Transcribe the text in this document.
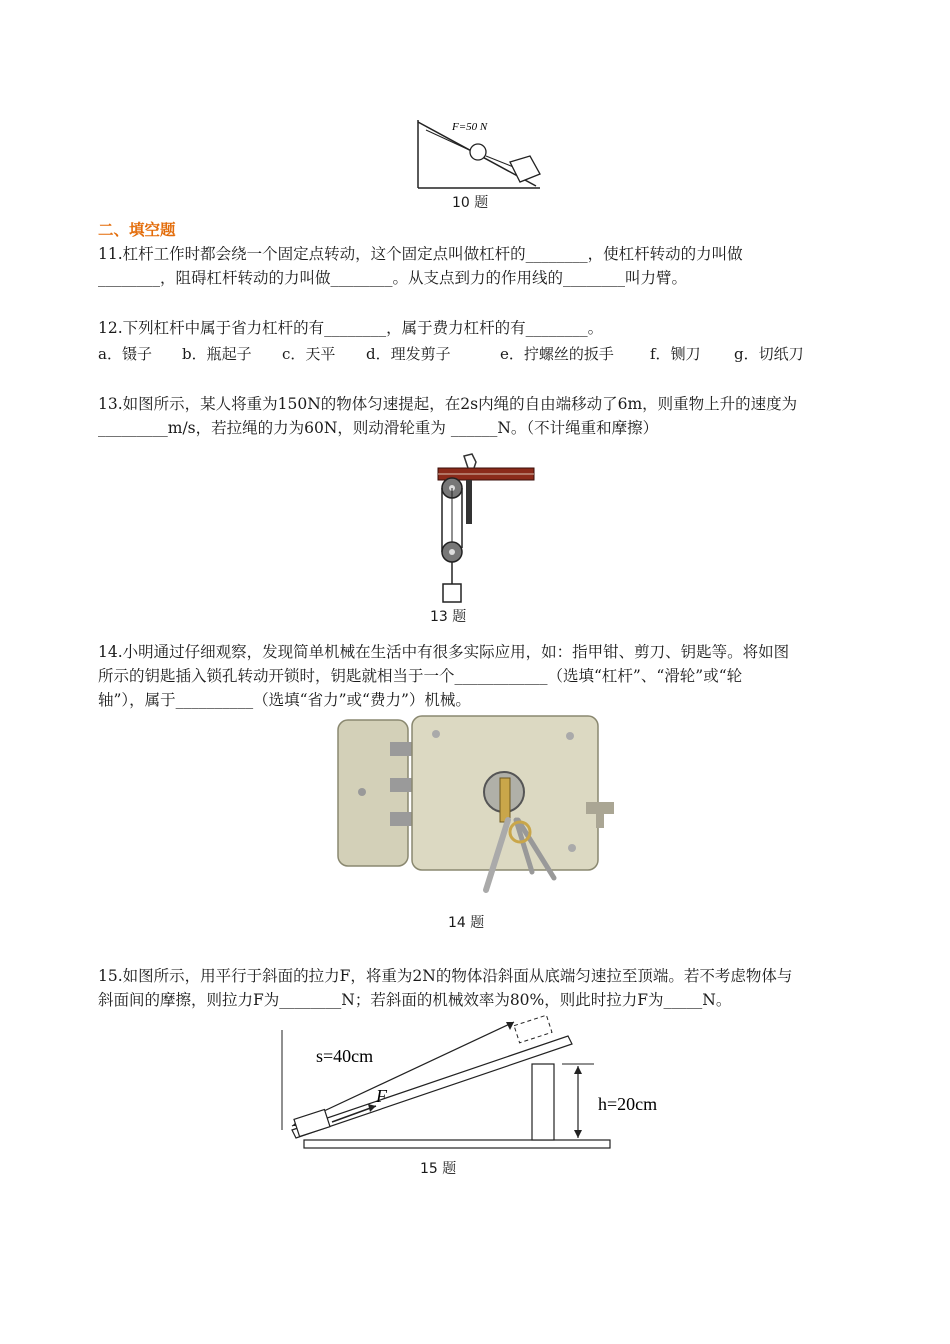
F=50 N
10 题
二、填空题
11.杠杆工作时都会绕一个固定点转动，这个固定点叫做杠杆的________，使杠杆转动的力叫做
________，阻碍杠杆转动的力叫做________。从支点到力的作用线的________叫力臂。
12.下列杠杆中属于省力杠杆的有________，属于费力杠杆的有________。
a．镊子 b．瓶起子 c．天平 d．理发剪子	e．拧螺丝的扳手 f．铡刀 g．切纸刀
13.如图所示，某人将重为150N的物体匀速提起，在2s内绳的自由端移动了6m，则重物上升的速度为
_________m/s，若拉绳的力为60N，则动滑轮重为 ______N。（不计绳重和摩擦）
13 题
14.小明通过仔细观察，发现简单机械在生活中有很多实际应用，如：指甲钳、剪刀、钥匙等。将如图
所示的钥匙插入锁孔转动开锁时，钥匙就相当于一个____________（选填“杠杆”、“滑轮”或“轮
轴”），属于__________（选填“省力”或“费力”）机械。
14 题
15.如图所示，用平行于斜面的拉力F，将重为2N的物体沿斜面从底端匀速拉至顶端。若不考虑物体与
斜面间的摩擦，则拉力F为________N；若斜面的机械效率为80%，则此时拉力F为_____N。
s=40cm
F	h=20cm
15 题
